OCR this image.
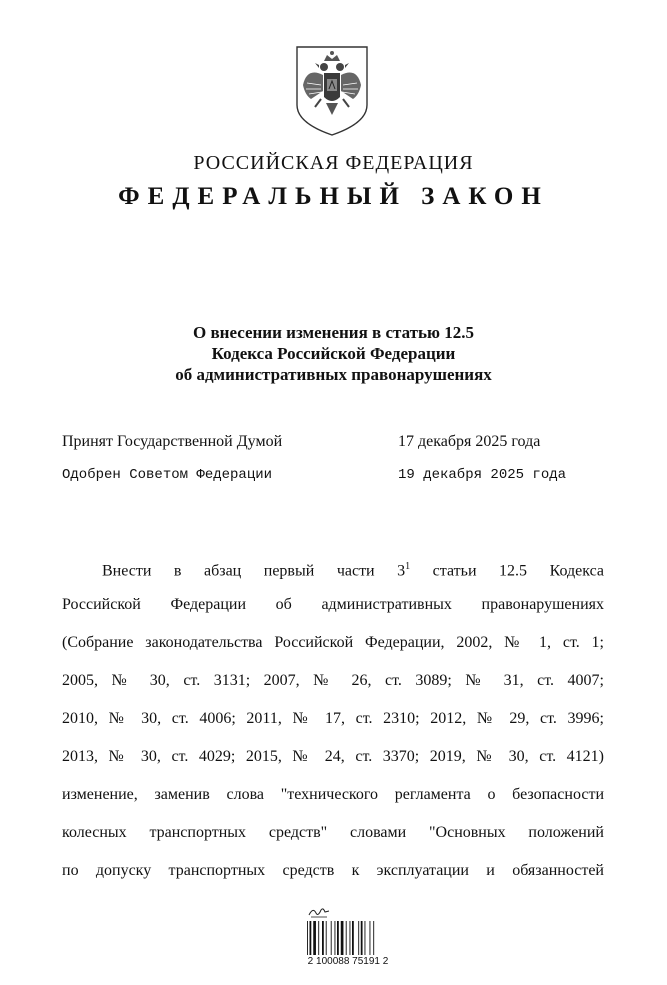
РОССИЙСКАЯ ФЕДЕРАЦИЯ
ФЕДЕРАЛЬНЫЙ ЗАКОН
О внесении изменения в статью 12.5
Кодекса Российской Федерации
об административных правонарушениях
Принят Государственной Думой	17 декабря 2025 года
Одобрен Советом Федерации	19 декабря 2025 года
Внести в абзац первый части $3^1$ статьи 12.5 Кодекса
Российской Федерации об административных правонарушениях
(Собрание законодательства Российской Федерации, 2002, № 1, ст. 1;
2005, № 30, ст. 3131; 2007, № 26, ст. 3089; № 31, ст. 4007;
2010, № 30, ст. 4006; 2011, № 17, ст. 2310; 2012, № 29, ст. 3996;
2013, № 30, ст. 4029; 2015, № 24, ст. 3370; 2019, № 30, ст. 4121)
изменение, заменив слова "технического регламента о безопасности
колесных транспортных средств" словами "Основных положений
по допуску транспортных средств к эксплуатации и обязанностей
2 100088 75191 2
